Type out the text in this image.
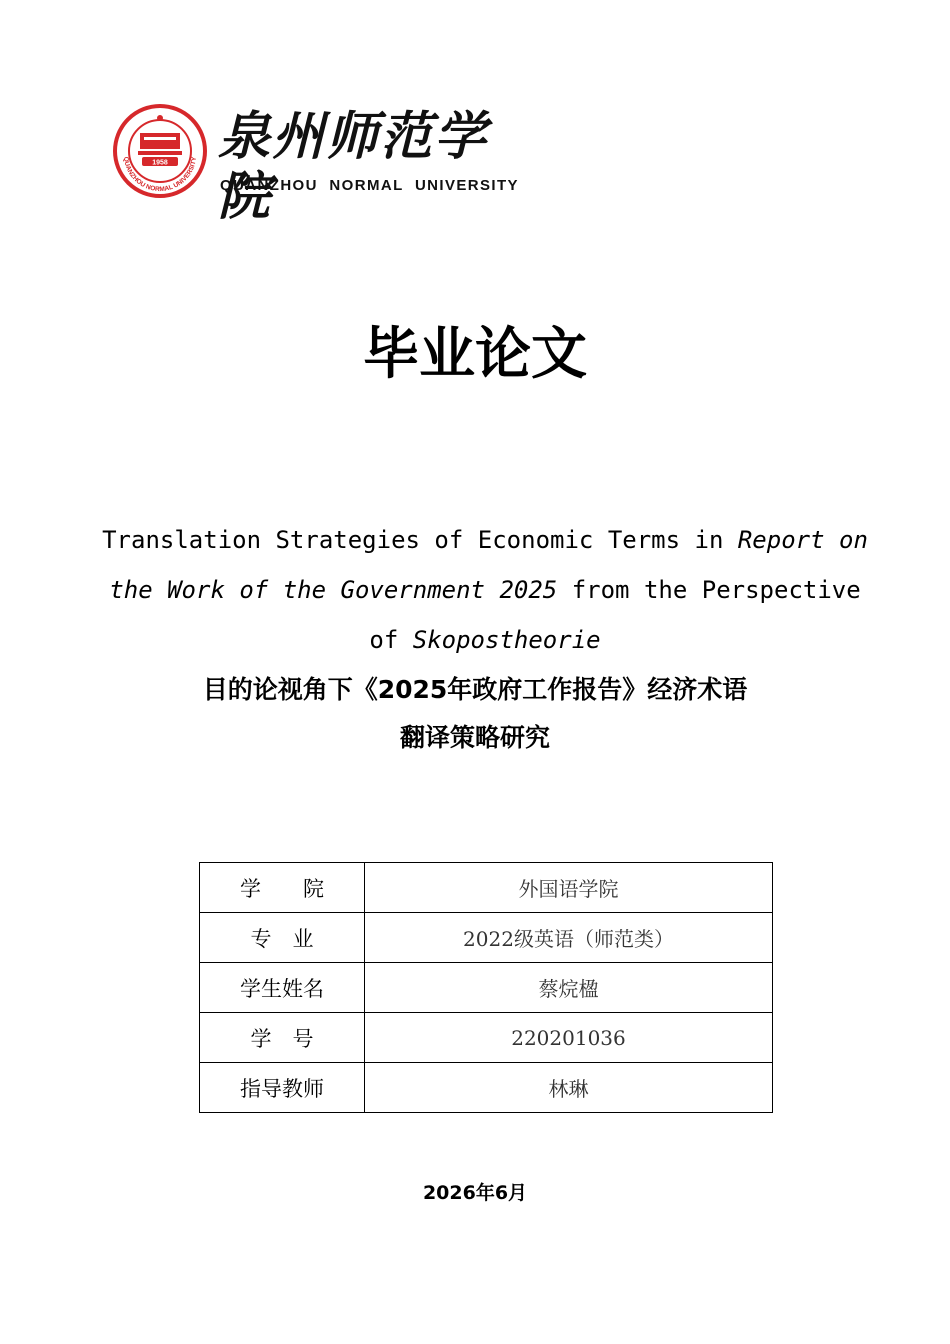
QUANZHOU NORMAL UNIVERSITY
1958 泉州师范学院
QUANZHOU NORMAL UNIVERSITY
毕业论文
Translation Strategies of Economic Terms in Report on the Work of the Government 2025 from the Perspective of Skopostheorie
目的论视角下《2025年政府工作报告》经济术语
翻译策略研究
学　　院	外国语学院
专　业	2022级英语（师范类）
学生姓名	蔡烷楹
学　号	220201036
指导教师	林琳
2026年6月
